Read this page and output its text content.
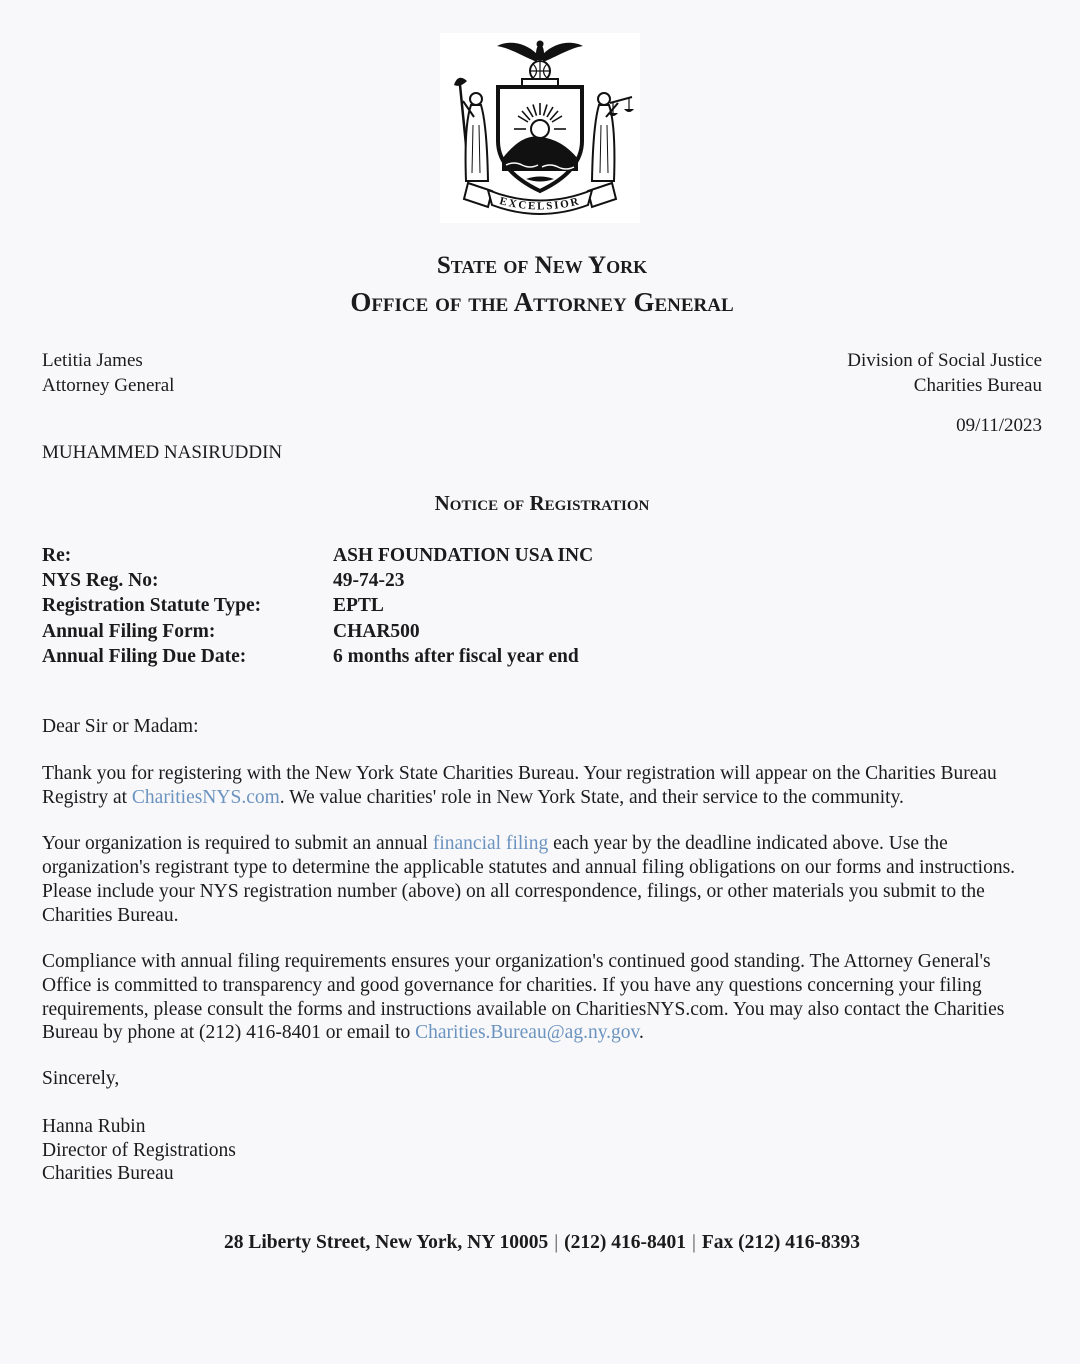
EXCELSIOR
State of New York
Office of the Attorney General
Letitia James
Attorney General
Division of Social Justice
Charities Bureau
09/11/2023
MUHAMMED NASIRUDDIN
Notice of Registration
Re:	ASH FOUNDATION USA INC
NYS Reg. No:	49-74-23
Registration Statute Type:	EPTL
Annual Filing Form:	CHAR500
Annual Filing Due Date:	6 months after fiscal year end
Dear Sir or Madam:
Thank you for registering with the New York State Charities Bureau. Your registration will appear on the Charities Bureau Registry at CharitiesNYS.com. We value charities' role in New York State, and their service to the community.
Your organization is required to submit an annual financial filing each year by the deadline indicated above. Use the organization's registrant type to determine the applicable statutes and annual filing obligations on our forms and instructions. Please include your NYS registration number (above) on all correspondence, filings, or other materials you submit to the Charities Bureau.
Compliance with annual filing requirements ensures your organization's continued good standing. The Attorney General's Office is committed to transparency and good governance for charities. If you have any questions concerning your filing requirements, please consult the forms and instructions available on CharitiesNYS.com. You may also contact the Charities Bureau by phone at (212) 416-8401 or email to Charities.Bureau@ag.ny.gov.
Sincerely,
Hanna Rubin
Director of Registrations
Charities Bureau
28 Liberty Street, New York, NY 10005 | (212) 416-8401 | Fax (212) 416-8393
